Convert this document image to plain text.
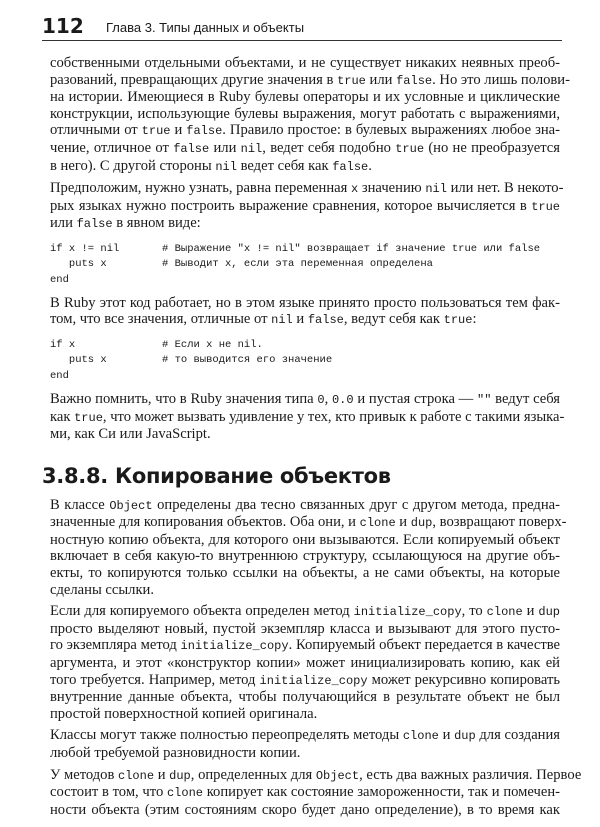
112 Глава 3. Типы данных и объекты
собственными отдельными объектами, и не существует никаких неявных преоб-
разований, превращающих другие значения в true или false. Но это лишь полови-
на истории. Имеющиеся в Ruby булевы операторы и их условные и циклические
конструкции, использующие булевы выражения, могут работать с выражениями,
отличными от true и false. Правило простое: в булевых выражениях любое зна-
чение, отличное от false или nil, ведет себя подобно true (но не преобразуется
в него). С другой стороны nil ведет себя как false.
Предположим, нужно узнать, равна переменная x значению nil или нет. В некото-
рых языках нужно построить выражение сравнения, которое вычисляется в true
или false в явном виде:
if x != nil	# Выражение "x != nil" возвращает if значение true или false
puts x	# Выводит x, если эта переменная определена
end
В Ruby этот код работает, но в этом языке принято просто пользоваться тем фак-
том, что все значения, отличные от nil и false, ведут себя как true:
if x	# Если x не nil.
puts x	# то выводится его значение
end
Важно помнить, что в Ruby значения типа 0, 0.0 и пустая строка — "" ведут себя
как true, что может вызвать удивление у тех, кто привык к работе с такими языка-
ми, как Си или JavaScript.
3.8.8. Копирование объектов
В классе Object определены два тесно связанных друг с другом метода, предна-
значенные для копирования объектов. Оба они, и clone и dup, возвращают поверх-
ностную копию объекта, для которого они вызываются. Если копируемый объект
включает в себя какую-то внутреннюю структуру, ссылающуюся на другие объ-
екты, то копируются только ссылки на объекты, а не сами объекты, на которые
сделаны ссылки.
Если для копируемого объекта определен метод initialize_copy, то clone и dup
просто выделяют новый, пустой экземпляр класса и вызывают для этого пусто-
го экземпляра метод initialize_copy. Копируемый объект передается в качестве
аргумента, и этот «конструктор копии» может инициализировать копию, как ей
того требуется. Например, метод initialize_copy может рекурсивно копировать
внутренние данные объекта, чтобы получающийся в результате объект не был
простой поверхностной копией оригинала.
Классы могут также полностью переопределять методы clone и dup для создания
любой требуемой разновидности копии.
У методов clone и dup, определенных для Object, есть два важных различия. Первое
состоит в том, что clone копирует как состояние замороженности, так и помечен-
ности объекта (этим состояниям скоро будет дано определение), в то время как
